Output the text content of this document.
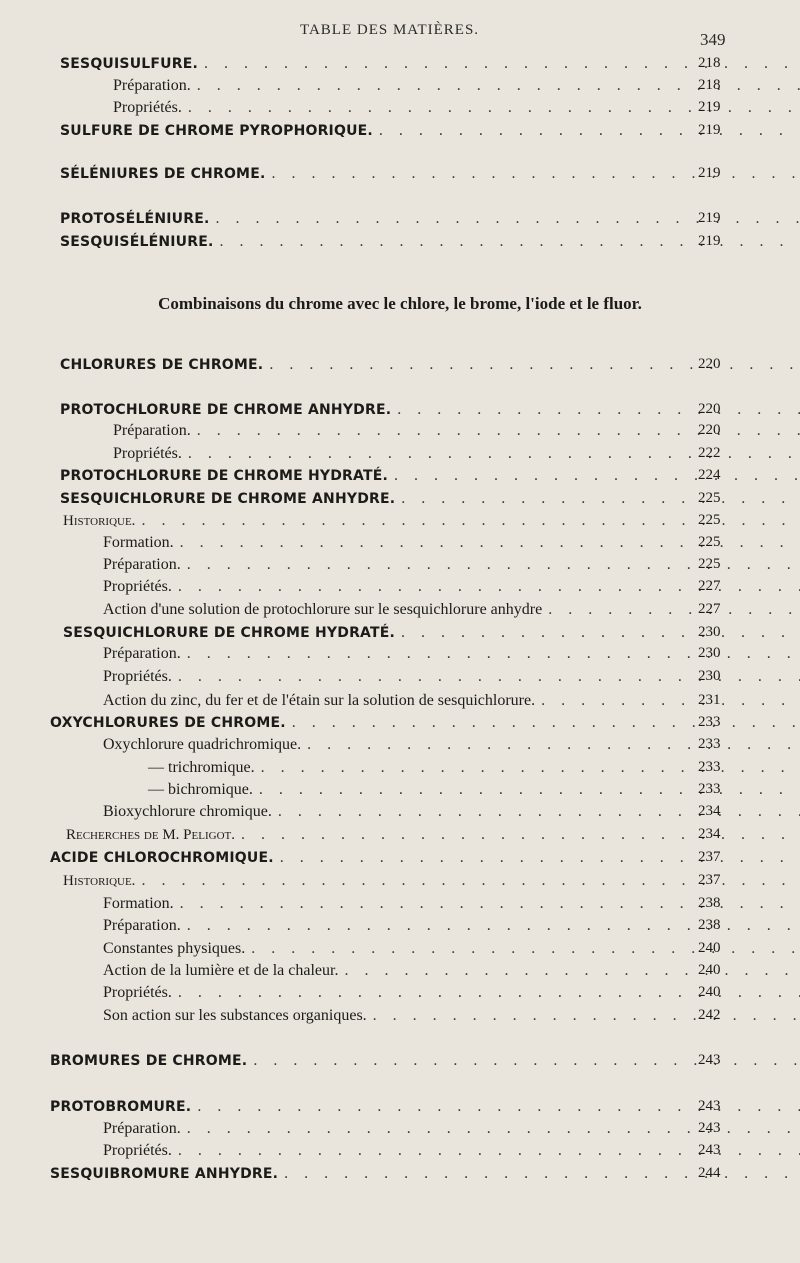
TABLE DES MATIÈRES.	349
Combinaisons du chrome avec le chlore, le brome, l'iode et le fluor.
SESQUISULFURE. . . .	218
Préparation. . . .	218
Propriétés. . . .	219
SULFURE DE CHROME PYROPHORIQUE. . . .	219
SÉLÉNIURES DE CHROME. . . .	219
PROTOSÉLÉNIURE. . . .	219
SESQUISÉLÉNIURE. . . .	219
CHLORURES DE CHROME. . . .	220
PROTOCHLORURE DE CHROME ANHYDRE. . . .	220
Préparation. . . .	220
Propriétés. . . .	222
PROTOCHLORURE DE CHROME HYDRATÉ. . . .	224
SESQUICHLORURE DE CHROME ANHYDRE. . . .	225
Historique. . . .	225
Formation. . . .	225
Préparation. . . .	225
Propriétés. . . .	227
Action d'une solution de protochlorure sur le sesquichlorure anhydre . . .	227
SESQUICHLORURE DE CHROME HYDRATÉ. . . .	230
Préparation. . . .	230
Propriétés. . . .	230
Action du zinc, du fer et de l'étain sur la solution de sesquichlorure. . . .	231
OXYCHLORURES DE CHROME. . . .	233
Oxychlorure quadrichromique. . . .	233
— trichromique. . . .	233
— bichromique. . . .	233
Bioxychlorure chromique. . . .	234
Recherches de M. Peligot. . . .	234
ACIDE CHLOROCHROMIQUE. . . .	237
Historique. . . .	237
Formation. . . .	238
Préparation. . . .	238
Constantes physiques. . . .	240
Action de la lumière et de la chaleur. . . .	240
Propriétés. . . .	240
Son action sur les substances organiques. . . .	242
BROMURES DE CHROME. . . .	243
PROTOBROMURE. . . .	243
Préparation. . . .	243
Propriétés. . . .	243
SESQUIBROMURE ANHYDRE. . . .	244
